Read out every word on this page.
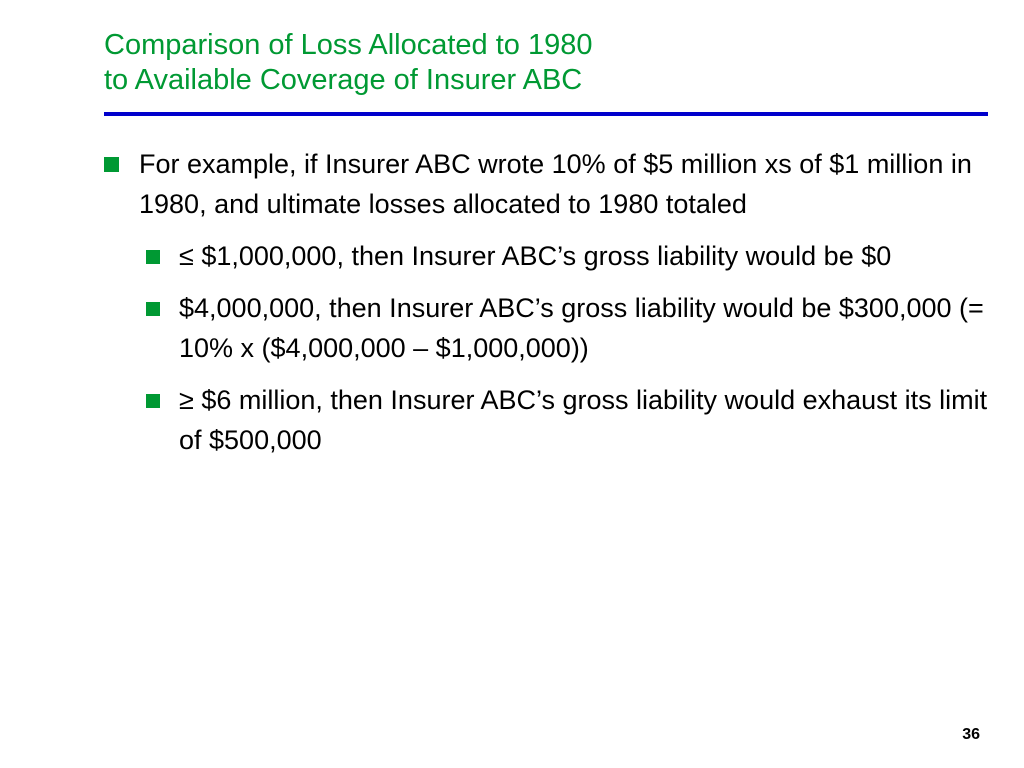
Comparison of Loss Allocated to 1980
to Available Coverage of Insurer ABC
For example, if Insurer ABC wrote 10% of $5 million xs of $1 million in 1980, and ultimate losses allocated to 1980 totaled
≤ $1,000,000, then Insurer ABC’s gross liability would be $0
$4,000,000, then Insurer ABC’s gross liability would be $300,000 (= 10% x ($4,000,000 – $1,000,000))
≥ $6 million, then Insurer ABC’s gross liability would exhaust its limit of $500,000
36
